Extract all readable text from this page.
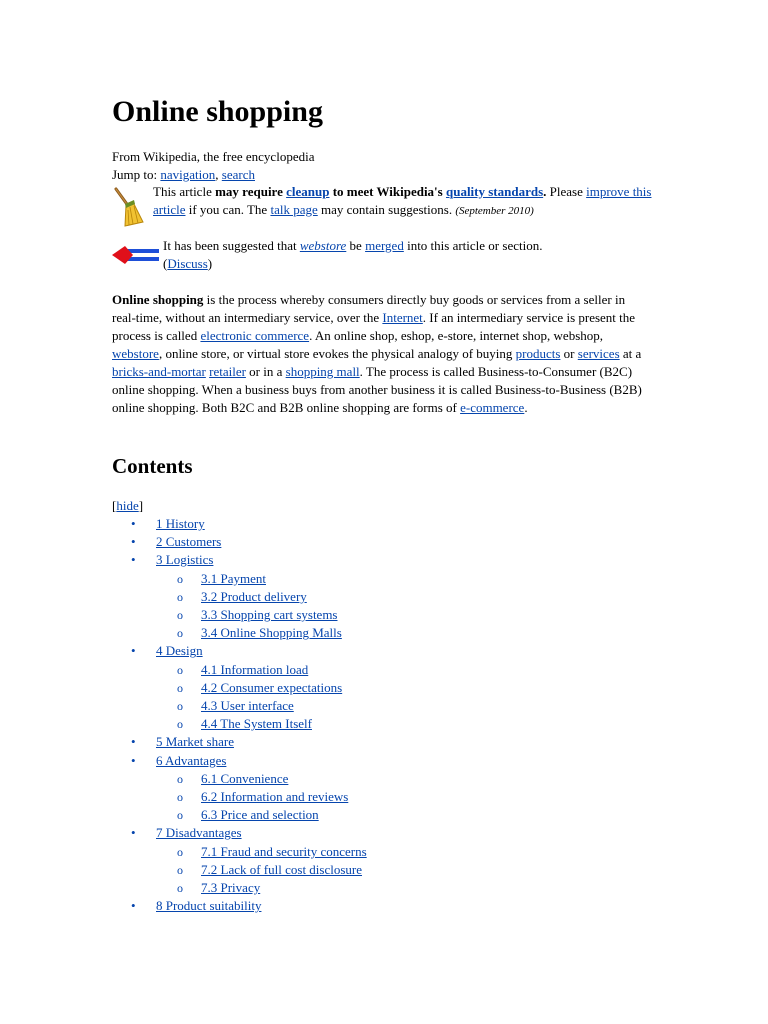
Online shopping
From Wikipedia, the free encyclopedia
Jump to: navigation, search
This article may require cleanup to meet Wikipedia's quality standards. Please improve this article if you can. The talk page may contain suggestions. (September 2010)
It has been suggested that webstore be merged into this article or section.
(Discuss)

Online shopping is the process whereby consumers directly buy goods or services from a seller in real-time, without an intermediary service, over the Internet. If an intermediary service is present the process is called electronic commerce. An online shop, eshop, e-store, internet shop, webshop, webstore, online store, or virtual store evokes the physical analogy of buying products or services at a bricks-and-mortar retailer or in a shopping mall. The process is called Business-to-Consumer (B2C) online shopping. When a business buys from another business it is called Business-to-Business (B2B) online shopping. Both B2C and B2B online shopping are forms of e-commerce.

Contents
[hide]
• 1 History
• 2 Customers
• 3 Logistics
o 3.1 Payment
o 3.2 Product delivery
o 3.3 Shopping cart systems
o 3.4 Online Shopping Malls
• 4 Design
o 4.1 Information load
o 4.2 Consumer expectations
o 4.3 User interface
o 4.4 The System Itself
• 5 Market share
• 6 Advantages
o 6.1 Convenience
o 6.2 Information and reviews
o 6.3 Price and selection
• 7 Disadvantages
o 7.1 Fraud and security concerns
o 7.2 Lack of full cost disclosure
o 7.3 Privacy
• 8 Product suitability
